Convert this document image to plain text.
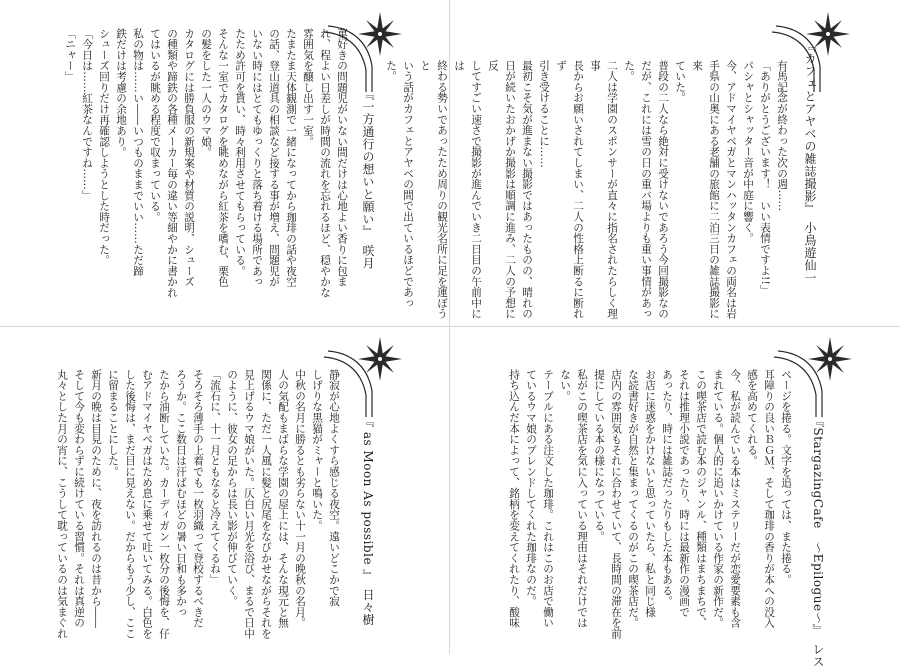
『一方通行の想いと願い』　咲月
菓好きの問題児がいない間だけは心地よい香りに包ま
れ、程よい日差しが時間の流れを忘れるほど、穏やかな
雰囲気を醸し出す一室。
たまたま天体観測で一緒になってから珈琲の話や夜空
の話、登山道具の相談など接する事が増え、問題児が
いない時にはとてもゆっくりと落ち着ける場所であっ
たため許可を貰い、時々利用させてもらっている。
そんな一室でカタログを眺めながら紅茶を嗜む、栗色
の髪をした一人のウマ娘。
カタログには勝負服の新規案や材質の説明、シューズ
の種類や蹄鉄の各種メーカー毎の違い等細やかに書かれ
てはいるが眺める程度で収まっている。
私の物は……い――いつものままでいい……ただ蹄
鉄だけは考慮の余地あり。
シューズ回りだけ再確認しようとした時だった。
「今日は……紅茶なんですね……」
「ニャー」	『カフェとアヤベの雑誌撮影』　小鳥遊仙一
有馬記念が終わった次の週……
「ありがとうございます！　いい表情ですよ!!」
パシャとシャッター音が中庭に響く。
今、アドマイヤベガとマンハッタンカフェの両名は岩
手県の山奥にある老舗の旅館に二泊三日の雑誌撮影に来
ていた。
普段の二人なら絶対に受けないであろう今回撮影なの
だが、これには雪の日の重バ場よりも重い事情があった。
二人は学園のスポンサーが直々に指名されたらしく理事
長からお願いされてしまい、二人の性格上断るに断れず
引き受けることに……
最初こそ気が進まない撮影ではあったものの、晴れの
日が続いたおかげか撮影は順調に進み、二人の予想に反
してすごい速さで撮影が進んでいき二日目の午前中には
終わる勢いであったため周りの観光名所に足を運ぼうと
いう話がカフェとアヤベの間で出ているほどであった。
『 as Moon As possible 』　日々樹
静寂が心地よくすら感じる夜空。遠いどこかで寂
しげりな黒猫がミャーと鳴いた。
中秋の名月に勝るとも劣らない十一月の晩秋の名月。
人の気配もまばらな学園の屋上には、そんな現元と無
関係に、ただ一人風に髪と尻尾をなびかせながらそれを
見上げるウマ娘がいた。仄白い月光を浴び、まるで日中
のように、彼女の足からは長い影が伸びていく。
「流石に、十一月ともなると冷えてくるね」
そろそろ薄手の上着でも一枚羽織って登校するべきだ
ろうか。ここ数日は汗ばむほどの暑い日和も多かっ
たから油断していた。カーディガン一枚分の後悔を、仔
むアドマイヤベガはため息に乗せて吐いてみる。白色を
した後悔は、まだ目に見えない。だからもう少し、ここ
に留まることにした。
新月の晩は目見のために、夜を訪れるのは昔から――
そして今も変わらずに続けている習慣。それは真逆の
丸々とした月の宵に、こうして耽っているのは気まぐれ	『StargazingCafe　～Epilogue～』　レス
ページを捲る。文字を追っては、また捲る。
耳障りの良いＢＧＭ、そして珈琲の香りが本への没入
感を高めてくれる。
今、私が読んでいる本はミステリーだが恋愛要素も含
まれている。個人的に追いかけている作家の新作だ。
この喫茶店で読む本のジャンル、種類はまちまちで、
それは推理小説であったり、時には最新作の漫画で
あったり、時には雑誌だったりもした本もある。
お店に迷惑をかけないと思っていたら、私と同じ様
な読書好きが自然と集まってくるのがこの喫茶店だ。
店内の雰囲気もそれに合わせていて、長時間の滞在を前
提にしている本の様になっている。
私がこの喫茶店を気に入っている理由はそれだけでは
ない。
テーブルにある注文した珈琲。これはこのお店で働い
ているウマ娘のブレンドしてくれた珈琲なのだ。
持ち込んだ本によって、銘柄を変えてくれたり、酸味
